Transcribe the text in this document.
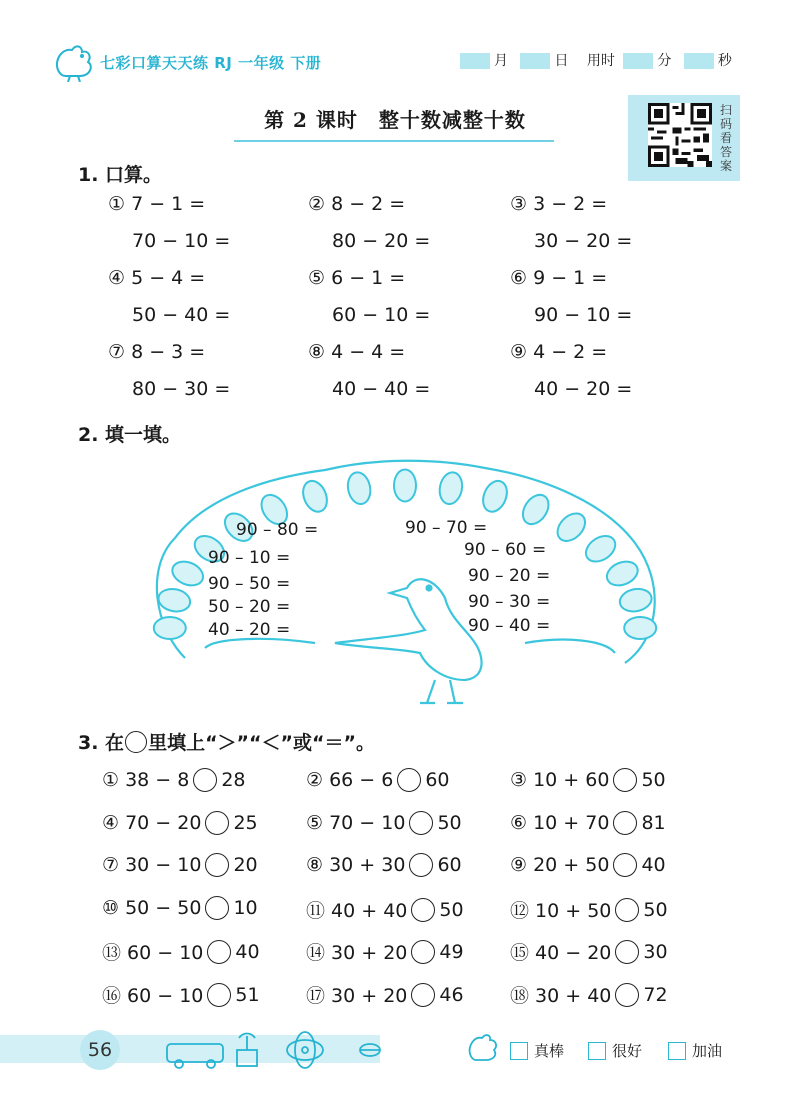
七彩口算天天练 RJ 一年级 下册	月	日 用时	分	秒
第 2 课时　整十数减整十数	扫码看答案
1. 口算。
① 7 − 1 =	② 8 − 2 =	③ 3 − 2 =
70 − 10 =	80 − 20 =	30 − 20 =
④ 5 − 4 =	⑤ 6 − 1 =	⑥ 9 − 1 =
50 − 40 =	60 − 10 =	90 − 10 =
⑦ 8 − 3 =	⑧ 4 − 4 =	⑨ 4 − 2 =
80 − 30 =	40 − 40 =	40 − 20 =
2. 填一填。
90 – 80 =
90 – 10 =
90 – 50 =
50 – 20 =
40 – 20 =
90 – 70 =
90 – 60 =
90 – 20 =
90 – 30 =
90 – 40 =
3. 在 里填上“＞”“＜”或“＝”。
① 38 − 8 28	② 66 − 6 60	③ 10 + 60 50
④ 70 − 20 25	⑤ 70 − 10 50	⑥ 10 + 70 81
⑦ 30 − 10 20	⑧ 30 + 30 60	⑨ 20 + 50 40
⑩ 50 − 50 10	⑪ 40 + 40 50 ⑫ 10 + 50 50
⑬ 60 − 10 40 ⑭ 30 + 20 49 ⑮ 40 − 20 30
⑯ 60 − 10 51 ⑰ 30 + 20 46 ⑱ 30 + 40 72
56	真棒	很好	加油
